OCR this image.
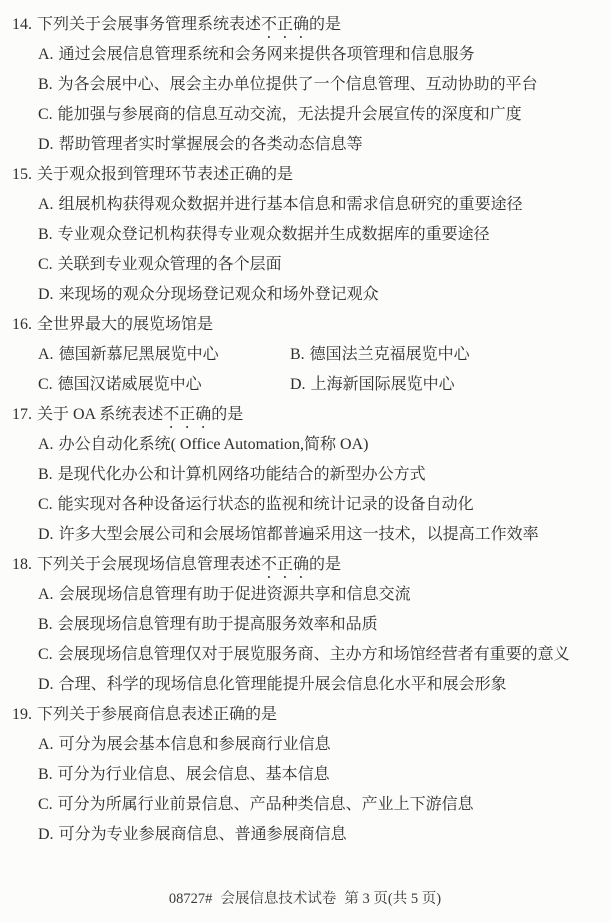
14. 下列关于会展事务管理系统表述不正确的是
A. 通过会展信息管理系统和会务网来提供各项管理和信息服务
B. 为各会展中心、展会主办单位提供了一个信息管理、互动协助的平台
C. 能加强与参展商的信息互动交流，无法提升会展宣传的深度和广度
D. 帮助管理者实时掌握展会的各类动态信息等
15. 关于观众报到管理环节表述正确的是
A. 组展机构获得观众数据并进行基本信息和需求信息研究的重要途径
B. 专业观众登记机构获得专业观众数据并生成数据库的重要途径
C. 关联到专业观众管理的各个层面
D. 来现场的观众分现场登记观众和场外登记观众
16. 全世界最大的展览场馆是
A. 德国新慕尼黑展览中心	B. 德国法兰克福展览中心
C. 德国汉诺威展览中心	D. 上海新国际展览中心
17. 关于 OA 系统表述不正确的是
A. 办公自动化系统( Office Automation,简称 OA)
B. 是现代化办公和计算机网络功能结合的新型办公方式
C. 能实现对各种设备运行状态的监视和统计记录的设备自动化
D. 许多大型会展公司和会展场馆都普遍采用这一技术，以提高工作效率
18. 下列关于会展现场信息管理表述不正确的是
A. 会展现场信息管理有助于促进资源共享和信息交流
B. 会展现场信息管理有助于提高服务效率和品质
C. 会展现场信息管理仅对于展览服务商、主办方和场馆经营者有重要的意义
D. 合理、科学的现场信息化管理能提升展会信息化水平和展会形象
19. 下列关于参展商信息表述正确的是
A. 可分为展会基本信息和参展商行业信息
B. 可分为行业信息、展会信息、基本信息
C. 可分为所属行业前景信息、产品种类信息、产业上下游信息
D. 可分为专业参展商信息、普通参展商信息
08727# 会展信息技术试卷 第 3 页(共 5 页)
